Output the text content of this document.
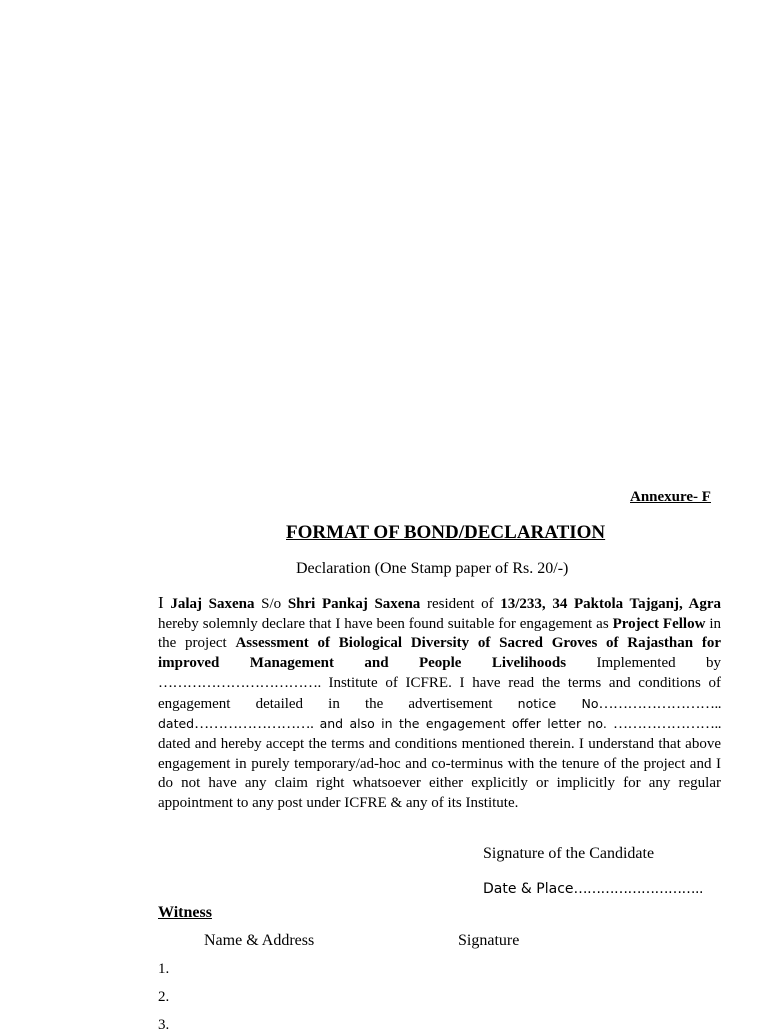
Annexure- F
FORMAT OF BOND/DECLARATION
Declaration (One Stamp paper of Rs. 20/-)
I Jalaj Saxena S/o Shri Pankaj Saxena resident of 13/233, 34 Paktola Tajganj, Agra hereby solemnly declare that I have been found suitable for engagement as Project Fellow in the project Assessment of Biological Diversity of Sacred Groves of Rajasthan for improved Management and People Livelihoods Implemented by ……………………………. Institute of ICFRE. I have read the terms and conditions of engagement detailed in the advertisement notice No…………………….. dated……………………. and also in the engagement offer letter no. ………………….. dated and hereby accept the terms and conditions mentioned therein. I understand that above engagement in purely temporary/ad-hoc and co-terminus with the tenure of the project and I do not have any claim right whatsoever either explicitly or implicitly for any regular appointment to any post under ICFRE & any of its Institute.
Signature of the Candidate
Date & Place………………………..
Witness
Name & Address	Signature
1.
2.
3.
